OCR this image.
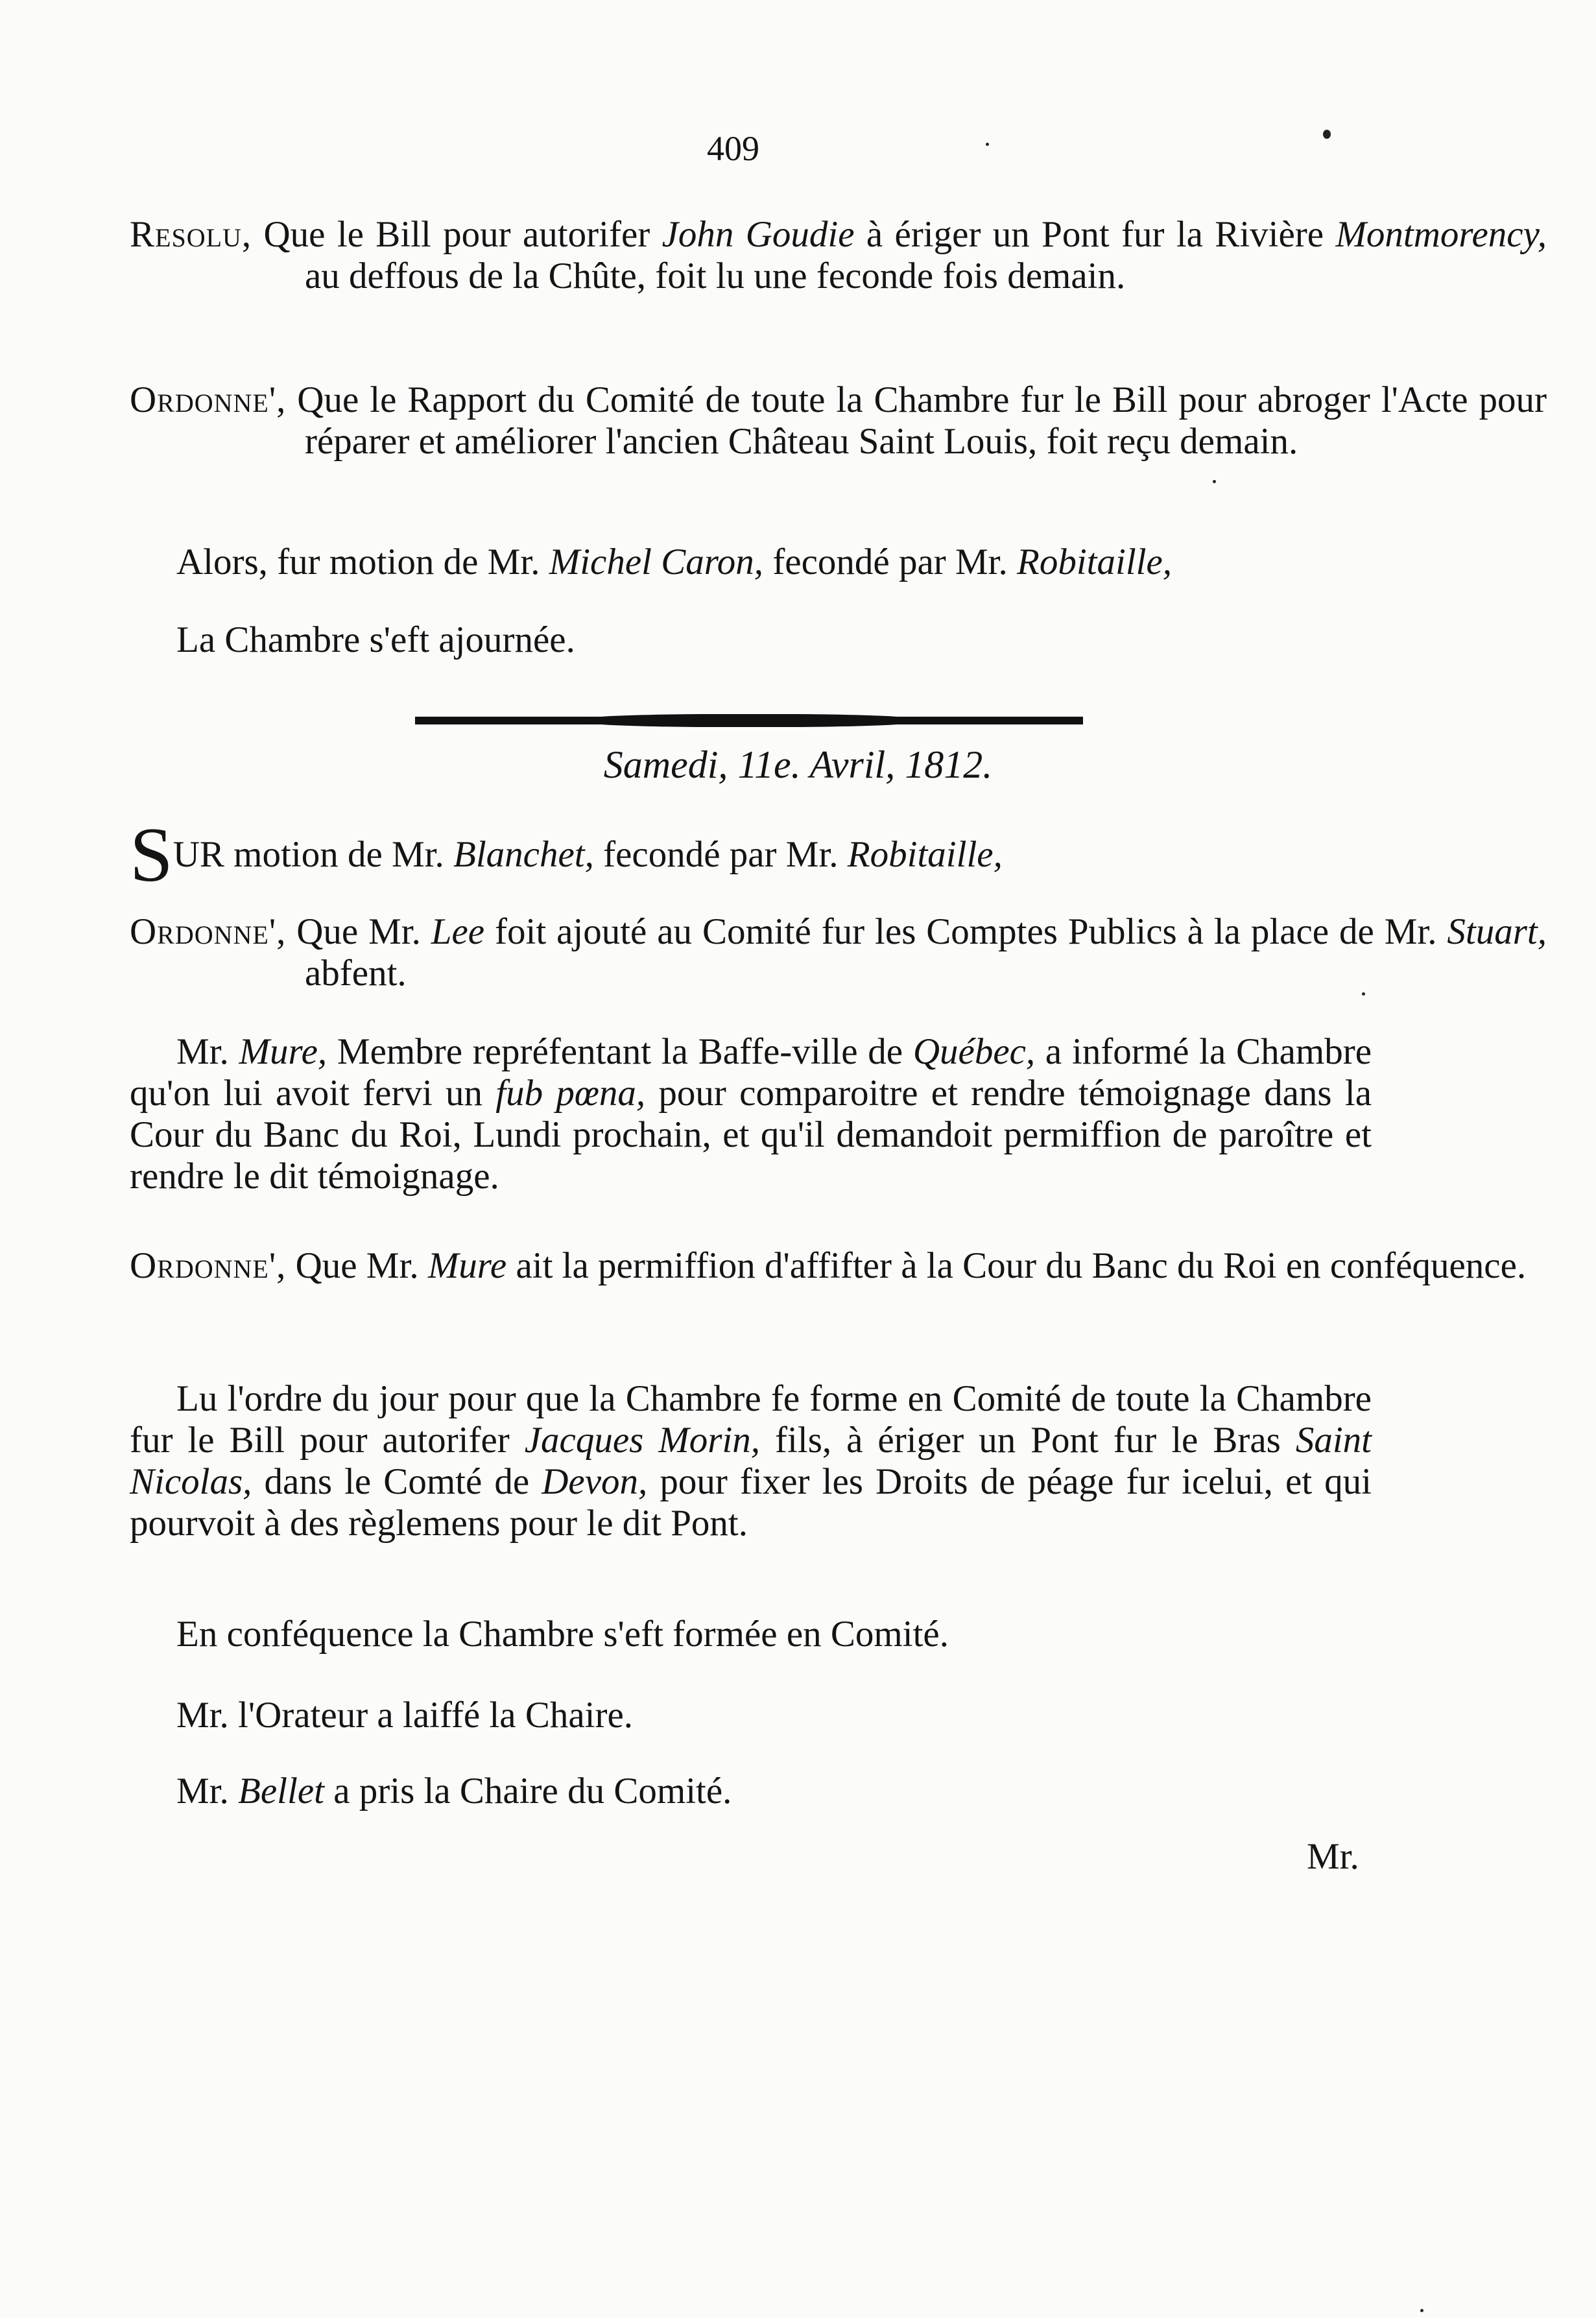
409
Resolu, Que le Bill pour autorifer John Goudie à ériger un Pont fur la Rivière Montmorency, au deffous de la Chûte, foit lu une feconde fois demain.
Ordonne', Que le Rapport du Comité de toute la Chambre fur le Bill pour abroger l'Acte pour réparer et améliorer l'ancien Château Saint Louis, foit reçu demain.
Alors, fur motion de Mr. Michel Caron, fecondé par Mr. Robitaille,
La Chambre s'eft ajournée.
Samedi, 11e. Avril, 1812.
SUR motion de Mr. Blanchet, fecondé par Mr. Robitaille,
Ordonne', Que Mr. Lee foit ajouté au Comité fur les Comptes Publics à la place de Mr. Stuart, abfent.
Mr. Mure, Membre repréfentant la Baffe-ville de Québec, a informé la Chambre qu'on lui avoit fervi un fub pœna, pour comparoitre et rendre témoignage dans la Cour du Banc du Roi, Lundi prochain, et qu'il demandoit permiffion de paroître et rendre le dit témoignage.
Ordonne', Que Mr. Mure ait la permiffion d'affifter à la Cour du Banc du Roi en conféquence.
Lu l'ordre du jour pour que la Chambre fe forme en Comité de toute la Chambre fur le Bill pour autorifer Jacques Morin, fils, à ériger un Pont fur le Bras Saint Nicolas, dans le Comté de Devon, pour fixer les Droits de péage fur icelui, et qui pourvoit à des règlemens pour le dit Pont.
En conféquence la Chambre s'eft formée en Comité.
Mr. l'Orateur a laiffé la Chaire.
Mr. Bellet a pris la Chaire du Comité.
Mr.
